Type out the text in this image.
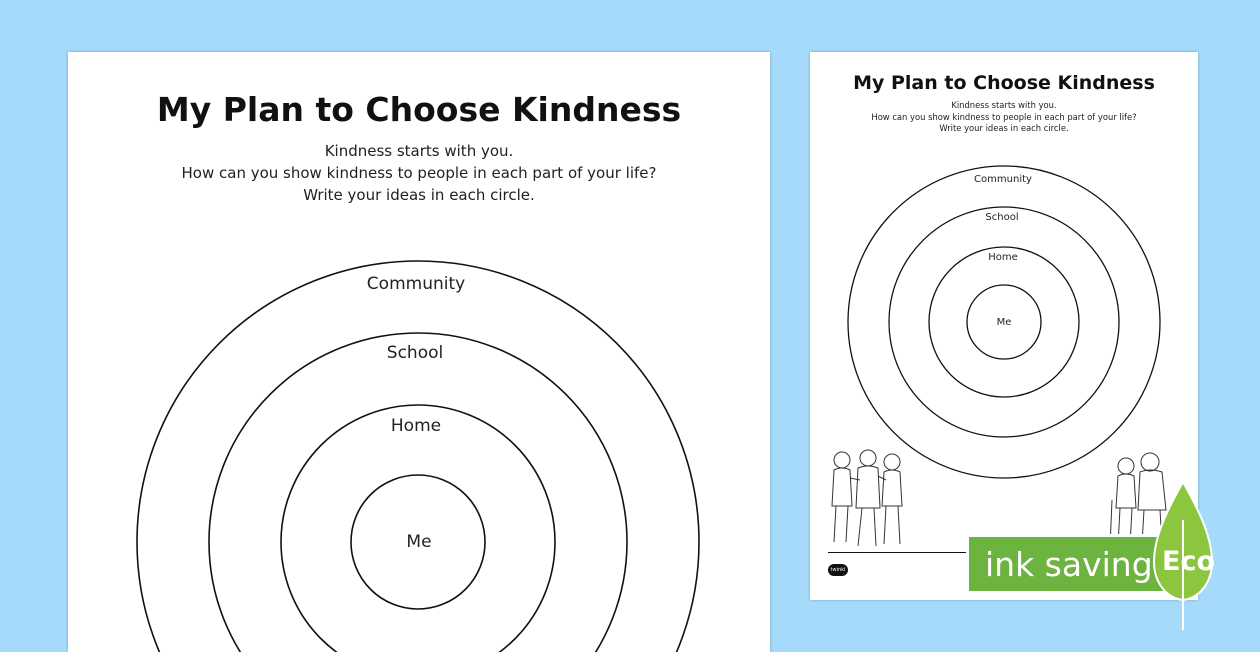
My Plan to Choose Kindness
Kindness starts with you.
How can you show kindness to people in each part of your life?
Write your ideas in each circle.
Community
School
Home
Me
My Plan to Choose Kindness
Kindness starts with you.
How can you show kindness to people in each part of your life?
Write your ideas in each circle.
Community
School
Home
Me
twinkl	ink saving Eco
